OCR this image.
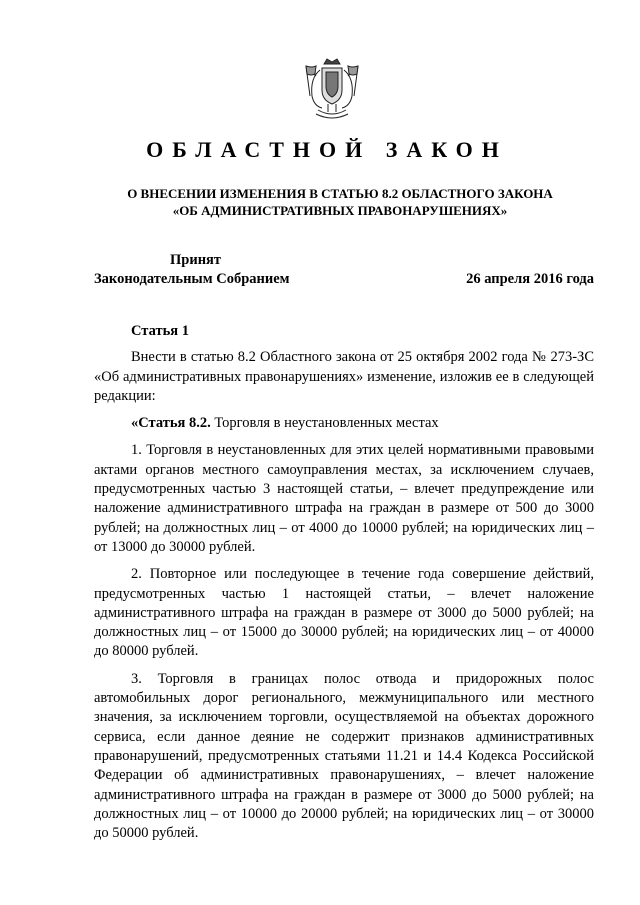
ОБЛАСТНОЙ ЗАКОН
О ВНЕСЕНИИ ИЗМЕНЕНИЯ В СТАТЬЮ 8.2 ОБЛАСТНОГО ЗАКОНА
«ОБ АДМИНИСТРАТИВНЫХ ПРАВОНАРУШЕНИЯХ»
Принят
Законодательным Собранием	26 апреля 2016 года

Статья 1

Внести в статью 8.2 Областного закона от 25 октября 2002 года № 273-ЗС «Об административных правонарушениях» изменение, изложив ее в следующей редакции:

«Статья 8.2. Торговля в неустановленных местах

1. Торговля в неустановленных для этих целей нормативными правовыми актами органов местного самоуправления местах, за исключением случаев, предусмотренных частью 3 настоящей статьи, – влечет предупреждение или наложение административного штрафа на граждан в размере от 500 до 3000 рублей; на должностных лиц – от 4000 до 10000 рублей; на юридических лиц – от 13000 до 30000 рублей.

2. Повторное или последующее в течение года совершение действий, предусмотренных частью 1 настоящей статьи, – влечет наложение административного штрафа на граждан в размере от 3000 до 5000 рублей; на должностных лиц – от 15000 до 30000 рублей; на юридических лиц – от 40000 до 80000 рублей.

3. Торговля в границах полос отвода и придорожных полос автомобильных дорог регионального, межмуниципального или местного значения, за исключением торговли, осуществляемой на объектах дорожного сервиса, если данное деяние не содержит признаков административных правонарушений, предусмотренных статьями 11.21 и 14.4 Кодекса Российской Федерации об административных правонарушениях, – влечет наложение административного штрафа на граждан в размере от 3000 до 5000 рублей; на должностных лиц – от 10000 до 20000 рублей; на юридических лиц – от 30000 до 50000 рублей.
